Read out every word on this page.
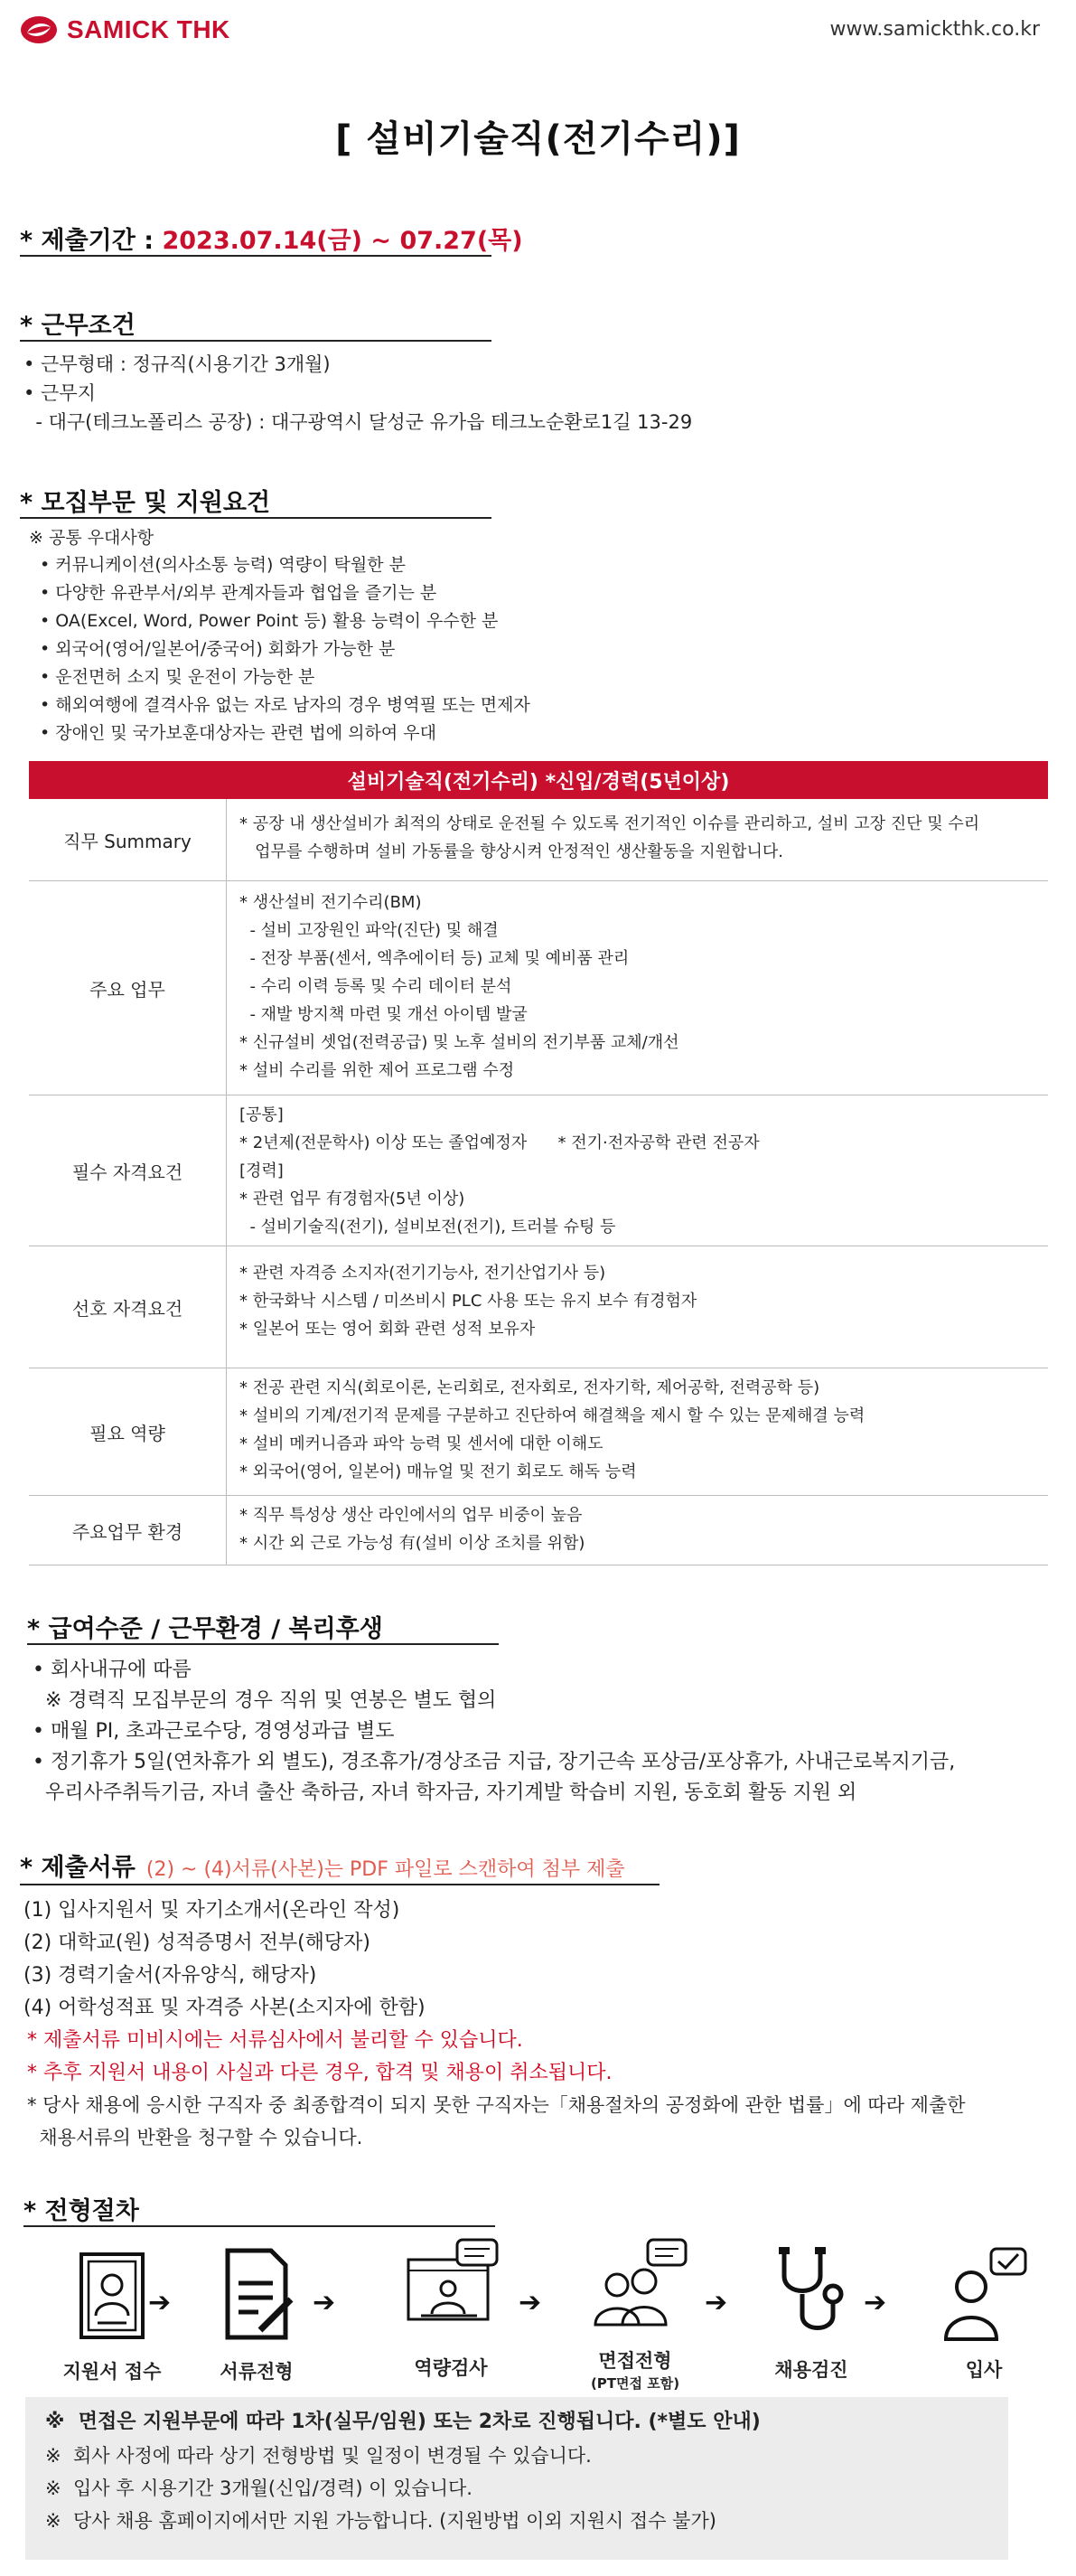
SAMICK THK	www.samickthk.co.kr
[ 설비기술직(전기수리)]
* 제출기간 : 2023.07.14(금) ~ 07.27(목)
* 근무조건
• 근무형태 : 정규직(시용기간 3개월)
• 근무지
- 대구(테크노폴리스 공장) : 대구광역시 달성군 유가읍 테크노순환로1길 13-29
* 모집부문 및 지원요건
※ 공통 우대사항
• 커뮤니케이션(의사소통 능력) 역량이 탁월한 분
• 다양한 유관부서/외부 관계자들과 협업을 즐기는 분
• OA(Excel, Word, Power Point 등) 활용 능력이 우수한 분
• 외국어(영어/일본어/중국어) 회화가 가능한 분
• 운전면허 소지 및 운전이 가능한 분
• 해외여행에 결격사유 없는 자로 남자의 경우 병역필 또는 면제자
• 장애인 및 국가보훈대상자는 관련 법에 의하여 우대
설비기술직(전기수리) *신입/경력(5년이상)
직무 Summary
* 공장 내 생산설비가 최적의 상태로 운전될 수 있도록 전기적인 이슈를 관리하고, 설비 고장 진단 및 수리
업무를 수행하며 설비 가동률을 향상시켜 안정적인 생산활동을 지원합니다.
주요 업무
* 생산설비 전기수리(BM)
- 설비 고장원인 파악(진단) 및 해결
- 전장 부품(센서, 엑추에이터 등) 교체 및 예비품 관리
- 수리 이력 등록 및 수리 데이터 분석
- 재발 방지책 마련 및 개선 아이템 발굴
* 신규설비 셋업(전력공급) 및 노후 설비의 전기부품 교체/개선
* 설비 수리를 위한 제어 프로그램 수정
필수 자격요건
[공통]
* 2년제(전문학사) 이상 또는 졸업예정자      * 전기·전자공학 관련 전공자
[경력]
* 관련 업무 有경험자(5년 이상)
- 설비기술직(전기), 설비보전(전기), 트러블 슈팅 등
선호 자격요건
* 관련 자격증 소지자(전기기능사, 전기산업기사 등)
* 한국화낙 시스템 / 미쓰비시 PLC 사용 또는 유지 보수 有경험자
* 일본어 또는 영어 회화 관련 성적 보유자
필요 역량
* 전공 관련 지식(회로이론, 논리회로, 전자회로, 전자기학, 제어공학, 전력공학 등)
* 설비의 기계/전기적 문제를 구분하고 진단하여 해결책을 제시 할 수 있는 문제해결 능력
* 설비 메커니즘과 파악 능력 및 센서에 대한 이해도
* 외국어(영어, 일본어) 매뉴얼 및 전기 회로도 해독 능력
주요업무 환경
* 직무 특성상 생산 라인에서의 업무 비중이 높음
* 시간 외 근로 가능성 有(설비 이상 조치를 위함)
* 급여수준 / 근무환경 / 복리후생
• 회사내규에 따름
※ 경력직 모집부문의 경우 직위 및 연봉은 별도 협의
• 매월 PI, 초과근로수당, 경영성과급 별도
• 정기휴가 5일(연차휴가 외 별도), 경조휴가/경상조금 지급, 장기근속 포상금/포상휴가, 사내근로복지기금,
우리사주취득기금, 자녀 출산 축하금, 자녀 학자금, 자기계발 학습비 지원, 동호회 활동 지원 외
* 제출서류 (2) ~ (4)서류(사본)는 PDF 파일로 스캔하여 첨부 제출
(1) 입사지원서 및 자기소개서(온라인 작성)
(2) 대학교(원) 성적증명서 전부(해당자)
(3) 경력기술서(자유양식, 해당자)
(4) 어학성적표 및 자격증 사본(소지자에 한함)
* 제출서류 미비시에는 서류심사에서 불리할 수 있습니다.
* 추후 지원서 내용이 사실과 다른 경우, 합격 및 채용이 취소됩니다.
* 당사 채용에 응시한 구직자 중 최종합격이 되지 못한 구직자는「채용절차의 공정화에 관한 법률」에 따라 제출한
채용서류의 반환을 청구할 수 있습니다.
* 전형절차
지원서 접수
➔
서류전형
➔
역량검사
➔
면접전형
(PT면접 포함)
➔
채용검진
➔
입사
※  면접은 지원부문에 따라 1차(실무/임원) 또는 2차로 진행됩니다. (*별도 안내)
※  회사 사정에 따라 상기 전형방법 및 일정이 변경될 수 있습니다.
※  입사 후 시용기간 3개월(신입/경력) 이 있습니다.
※  당사 채용 홈페이지에서만 지원 가능합니다. (지원방법 이외 지원시 접수 불가)
